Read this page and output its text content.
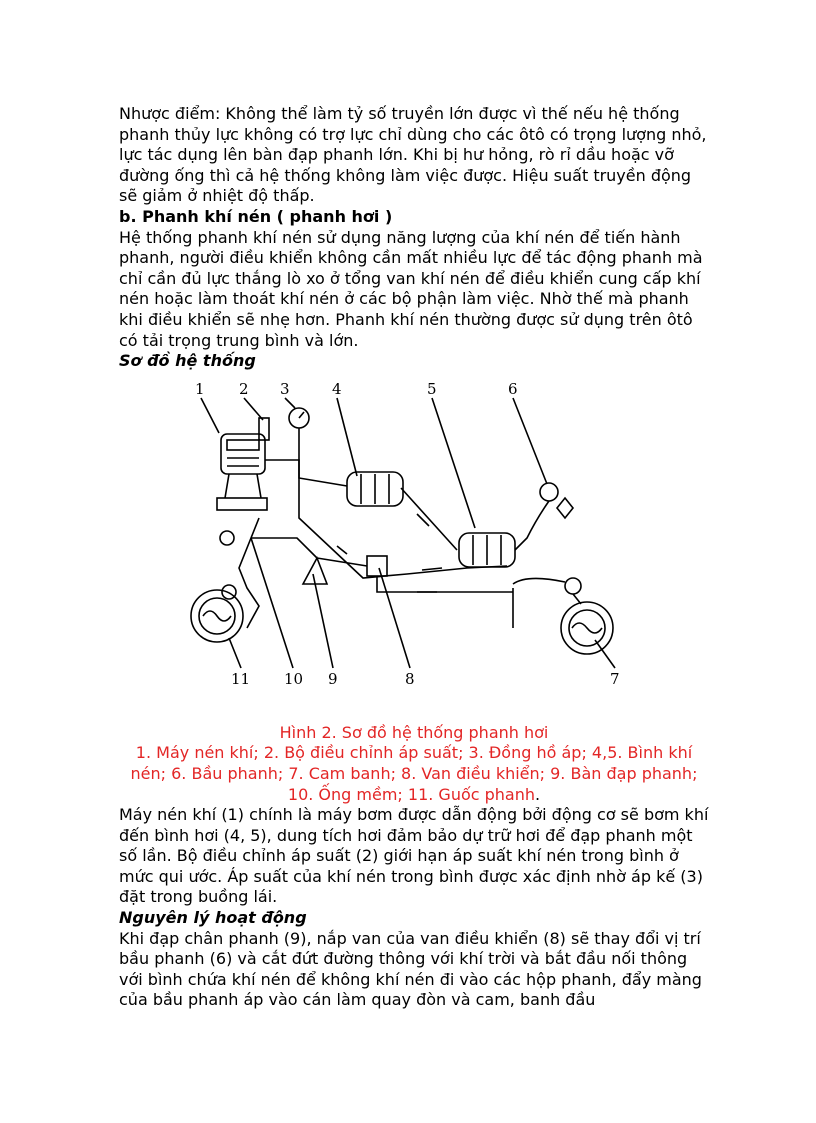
Nhược điểm: Không thể làm tỷ số truyền lớn được vì thế nếu hệ thống phanh thủy lực không có trợ lực chỉ dùng cho các ôtô có trọng lượng nhỏ, lực tác dụng lên bàn đạp phanh lớn. Khi bị hư hỏng, rò rỉ dầu hoặc vỡ đường ống thì cả hệ thống không làm việc được. Hiệu suất truyền động sẽ giảm ở nhiệt độ thấp.

b. Phanh khí nén ( phanh hơi )

Hệ thống phanh khí nén sử dụng năng lượng của khí nén để tiến hành phanh, người điều khiển không cần mất nhiều lực để tác động phanh mà chỉ cần đủ lực thắng lò xo ở tổng van khí nén để điều khiển cung cấp khí nén hoặc làm thoát khí nén ở các bộ phận làm việc. Nhờ thế mà phanh khi điều khiển sẽ nhẹ hơn. Phanh khí nén thường được sử dụng trên ôtô có tải trọng trung bình và lớn.

Sơ đồ hệ thống

1 2 3	4	5	6
7
8
9
10
11

Hình 2. Sơ đồ hệ thống phanh hơi
1. Máy nén khí; 2. Bộ điều chỉnh áp suất; 3. Đồng hồ áp; 4,5. Bình khí nén; 6. Bầu phanh; 7. Cam banh; 8. Van điều khiển; 9. Bàn đạp phanh; 10. Ống mềm; 11. Guốc phanh.

Máy nén khí (1) chính là máy bơm được dẫn động bởi động cơ sẽ bơm khí đến bình hơi (4, 5), dung tích hơi đảm bảo dự trữ hơi để đạp phanh một số lần. Bộ điều chỉnh áp suất (2) giới hạn áp suất khí nén trong bình ở mức qui ước. Áp suất của khí nén trong bình được xác định nhờ áp kế (3) đặt trong buồng lái.

Nguyên lý hoạt động

Khi đạp chân phanh (9), nắp van của van điều khiển (8) sẽ thay đổi vị trí bầu phanh (6) và cắt đứt đường thông với khí trời và bắt đầu nối thông với bình chứa khí nén để không khí nén đi vào các hộp phanh, đẩy màng của bầu phanh áp vào cán làm quay đòn và cam, banh đầu
